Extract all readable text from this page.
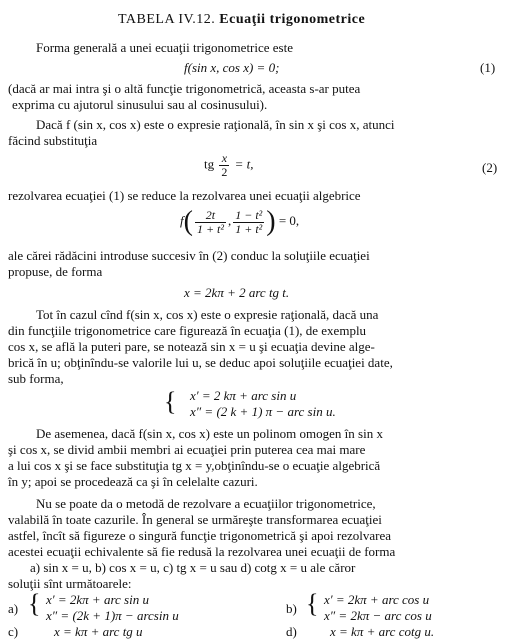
TABELA IV.12. Ecuaţii trigonometrice
Forma generală a unei ecuaţii trigonometrice este
f(sin x, cos x) = 0;	(1)
(dacă ar mai intra şi o altă funcţie trigonometrică, aceasta s-ar putea
exprima cu ajutorul sinusului sau al cosinusului).
Dacă f (sin x, cos x) este o expresie raţională, în sin x şi cos x, atunci
făcind substituţia
tg $\frac{x}{2} = t$,	(2)
rezolvarea ecuaţiei (1) se reduce la rezolvarea unei ecuaţii algebrice
$f( \frac{2t}{\text{1 + t²}}$ , $\frac{\text{1 − t²}}{\text{1 + t²}}$ ) = 0,
ale cărei rădăcini introduse succesiv în (2) conduc la soluţiile ecuaţiei
propuse, de forma
x = 2kπ + 2 arc tg t.
Tot în cazul cînd f(sin x, cos x) este o expresie raţională, dacă una
din funcţiile trigonometrice care figurează în ecuaţia (1), de exemplu
cos x, se află la puteri pare, se notează sin x = u şi ecuaţia devine alge-
brică în u; obţinîndu-se valorile lui u, se deduc apoi soluţiile ecuaţiei date,
sub forma,
{ x′ = 2 kπ + arc sin u
x″ = (2 k + 1) π − arc sin u.
De asemenea, dacă f(sin x, cos x) este un polinom omogen în sin x
şi cos x, se divid ambii membri ai ecuaţiei prin puterea cea mai mare
a lui cos x şi se face substituţia tg x = y,obţinîndu-se o ecuaţie algebrică
în y; apoi se procedează ca şi în celelalte cazuri.
Nu se poate da o metodă de rezolvare a ecuaţiilor trigonometrice,
valabilă în toate cazurile. În general se urmăreşte transformarea ecuaţiei
astfel, încît să figureze o singură funcţie trigonometrică şi apoi rezolvarea
acestei ecuaţii echivalente să fie redusă la rezolvarea unei ecuaţii de forma
a) sin x = u, b) cos x = u, c) tg x = u sau d) cotg x = u ale căror
soluţii sînt următoarele:
a) { x′ = 2kπ + arc sin u
x″ = (2k + 1)π − arcsin u	b) { x′ = 2kπ + arc cos u
x″ = 2kπ − arc cos u
c)	x = kπ + arc tg u	d)	x = kπ + arc cotg u.
